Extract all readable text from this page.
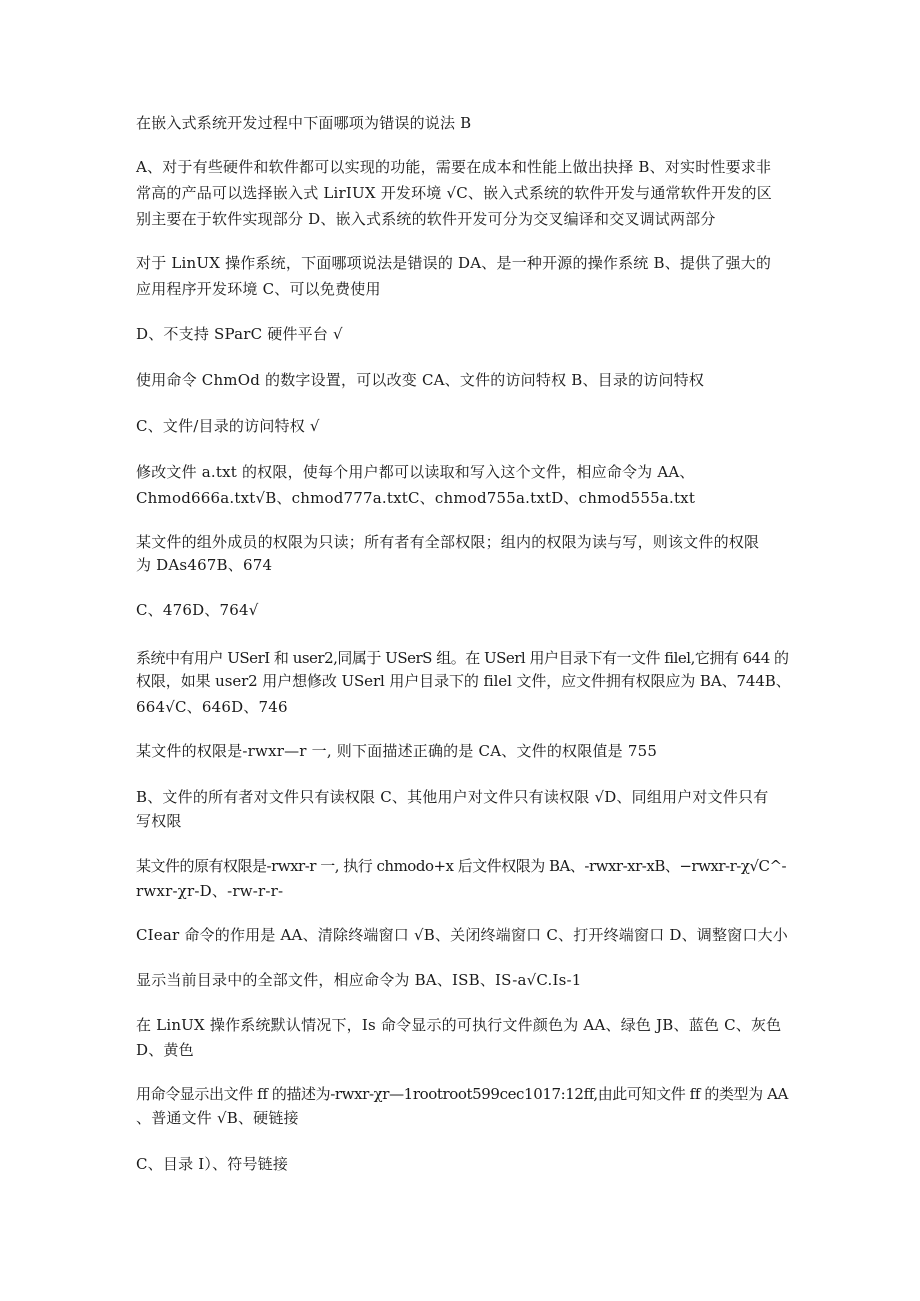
在嵌入式系统开发过程中下面哪项为错误的说法 B
A、对于有些硬件和软件都可以实现的功能，需要在成本和性能上做出抉择 B、对实时性要求非
常高的产品可以选择嵌入式 LirIUX 开发环境 √C、嵌入式系统的软件开发与通常软件开发的区
别主要在于软件实现部分 D、嵌入式系统的软件开发可分为交叉编译和交叉调试两部分
对于 LinUX 操作系统，下面哪项说法是错误的 DA、是一种开源的操作系统 B、提供了强大的
应用程序开发环境 C、可以免费使用
D、不支持 SParC 硬件平台 √
使用命令 ChmOd 的数字设置，可以改变 CA、文件的访问特权 B、目录的访问特权
C、文件/目录的访问特权 √
修改文件 a.txt 的权限，使每个用户都可以读取和写入这个文件，相应命令为 AA、
Chmod666a.txt√B、chmod777a.txtC、chmod755a.txtD、chmod555a.txt
某文件的组外成员的权限为只读；所有者有全部权限；组内的权限为读与写，则该文件的权限
为 DAs467B、674
C、476D、764√
系统中有用户 USerI 和 user2,同属于 USerS 组。在 USerl 用户目录下有一文件 filel,它拥有 644 的
权限，如果 user2 用户想修改 USerl 用户目录下的 filel 文件，应文件拥有权限应为 BA、744B、
664√C、646D、746
某文件的权限是-rwxr—r 一, 则下面描述正确的是 CA、文件的权限值是 755
B、文件的所有者对文件只有读权限 C、其他用户对文件只有读权限 √D、同组用户对文件只有
写权限
某文件的原有权限是-rwxr-r 一, 执行 chmodo+x 后文件权限为 BA、-rwxr-xr-xB、−rwxr-r-χ√C^-
rwxr-χr-D、-rw-r-r-
CIear 命令的作用是 AA、清除终端窗口 √B、关闭终端窗口 C、打开终端窗口 D、调整窗口大小
显示当前目录中的全部文件，相应命令为 BA、ISB、IS-a√C.Is-1
在 LinUX 操作系统默认情况下，Is 命令显示的可执行文件颜色为 AA、绿色 JB、蓝色 C、灰色
D、黄色
用命令显示出文件 ff 的描述为-rwxr-χr—1rootroot599cec1017:12ff,由此可知文件 ff 的类型为 AA
、普通文件 √B、硬链接
C、目录 I）、符号链接
